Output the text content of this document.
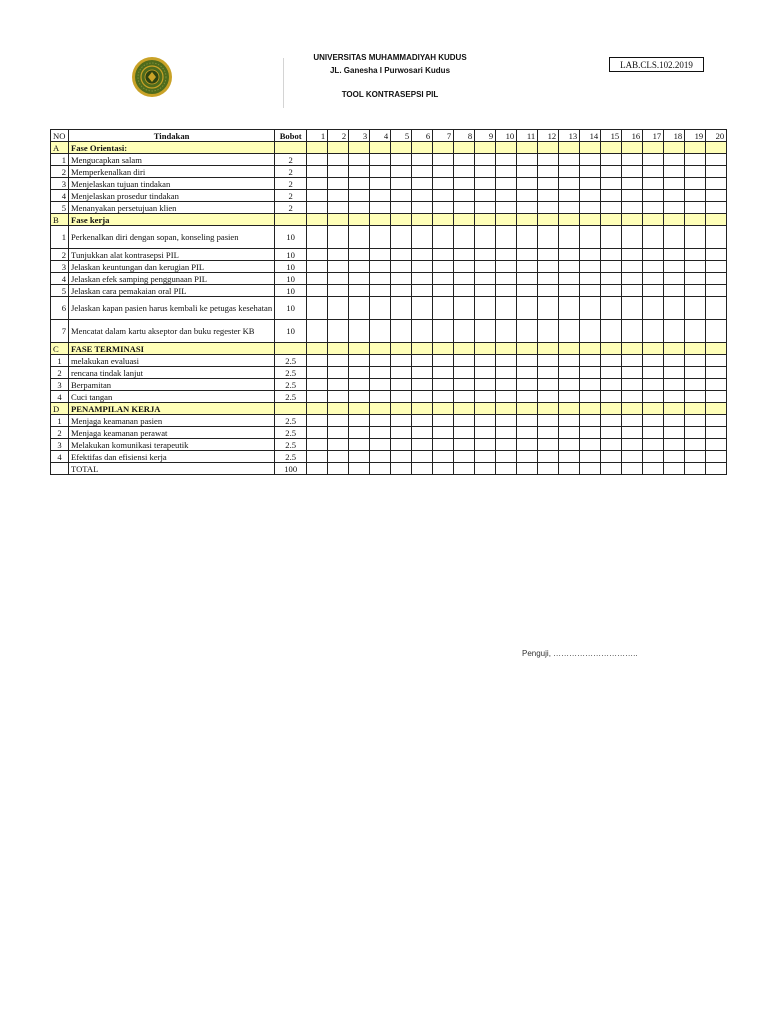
UNIVERSITAS MUHAMMADIYAH KUDUS
JL. Ganesha I Purwosari Kudus
TOOL KONTRASEPSI PIL
LAB.CLS.102.2019
NO	Tindakan	Bobot	1	2	3	4	5	6	7	8	9	10	11	12	13	14	15	16	17	18	19	20
A	Fase Orientasi:																					
1	Mengucapkan salam	2																				
2	Memperkenalkan diri	2																				
3	Menjelaskan tujuan tindakan	2																				
4	Menjelaskan prosedur tindakan	2																				
5	Menanyakan persetujuan klien	2																				
B	Fase kerja																					
1	Perkenalkan diri dengan sopan, konseling pasien	10																				
2	Tunjukkan alat kontrasepsi PIL	10																				
3	Jelaskan keuntungan dan kerugian PIL	10																				
4	Jelaskan efek samping penggunaan PIL	10																				
5	Jelaskan cara pemakaian oral PIL	10																				
6	Jelaskan kapan pasien harus kembali ke petugas kesehatan	10																				
7	Mencatat dalam kartu akseptor dan buku regester KB	10																				
C	FASE TERMINASI																					
1	melakukan evaluasi	2.5																				
2	rencana tindak lanjut	2.5																				
3	Berpamitan	2.5																				
4	Cuci tangan	2.5																				
D	PENAMPILAN KERJA																					
1	Menjaga keamanan pasien	2.5																				
2	Menjaga keamanan perawat	2.5																				
3	Melakukan komunikasi terapeutik	2.5																				
4	Efektifas dan efisiensi kerja	2.5																				
	TOTAL	100																				
Penguji, …………………………..
